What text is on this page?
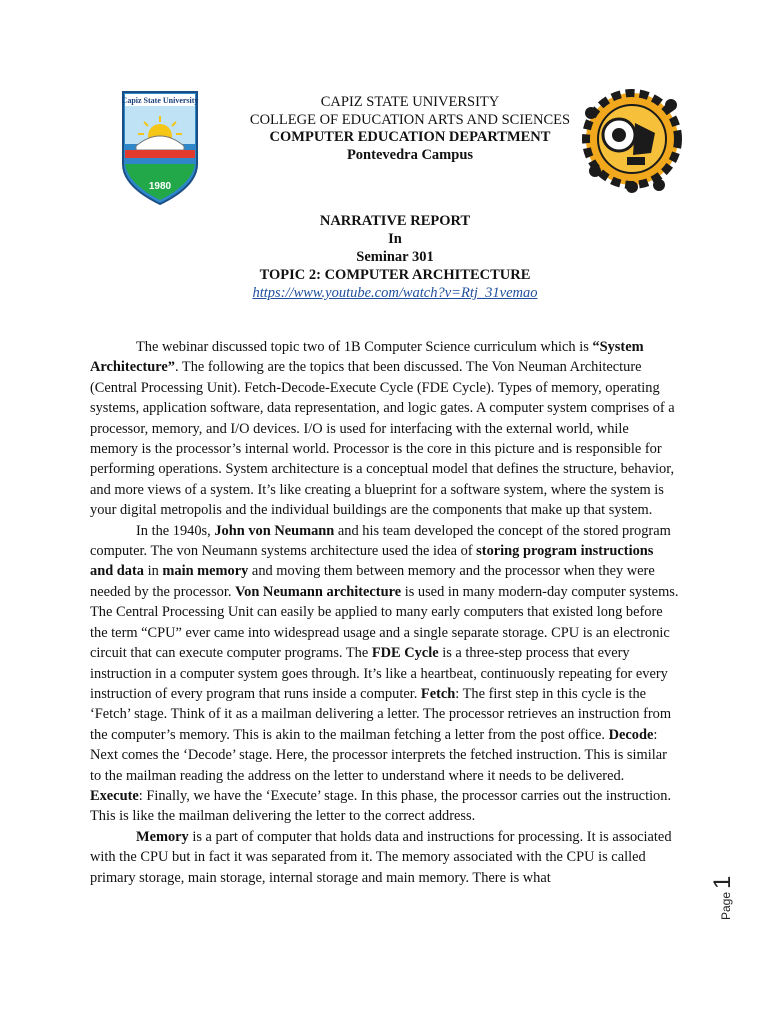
Capiz State University
1980
CAPIZ STATE UNIVERSITY
COLLEGE OF EDUCATION ARTS AND SCIENCES
COMPUTER EDUCATION DEPARTMENT
Pontevedra Campus
NARRATIVE REPORT
In
Seminar 301
TOPIC 2: COMPUTER ARCHITECTURE
https://www.youtube.com/watch?v=Rtj_31vemao

The webinar discussed topic two of 1B Computer Science curriculum which is “System Architecture”. The following are the topics that been discussed. The Von Neuman Architecture (Central Processing Unit). Fetch-Decode-Execute Cycle (FDE Cycle). Types of memory, operating systems, application software, data representation, and logic gates. A computer system comprises of a processor, memory, and I/O devices. I/O is used for interfacing with the external world, while memory is the processor’s internal world. Processor is the core in this picture and is responsible for performing operations. System architecture is a conceptual model that defines the structure, behavior, and more views of a system. It’s like creating a blueprint for a software system, where the system is your digital metropolis and the individual buildings are the components that make up that system.

In the 1940s, John von Neumann and his team developed the concept of the stored program computer. The von Neumann systems architecture used the idea of storing program instructions and data in main memory and moving them between memory and the processor when they were needed by the processor. Von Neumann architecture is used in many modern-day computer systems. The Central Processing Unit can easily be applied to many early computers that existed long before the term “CPU” ever came into widespread usage and a single separate storage. CPU is an electronic circuit that can execute computer programs. The FDE Cycle is a three-step process that every instruction in a computer system goes through. It’s like a heartbeat, continuously repeating for every instruction of every program that runs inside a computer. Fetch: The first step in this cycle is the ‘Fetch’ stage. Think of it as a mailman delivering a letter. The processor retrieves an instruction from the computer’s memory. This is akin to the mailman fetching a letter from the post office. Decode: Next comes the ‘Decode’ stage. Here, the processor interprets the fetched instruction. This is similar to the mailman reading the address on the letter to understand where it needs to be delivered. Execute: Finally, we have the ‘Execute’ stage. In this phase, the processor carries out the instruction. This is like the mailman delivering the letter to the correct address.

Memory is a part of computer that holds data and instructions for processing. It is associated with the CPU but in fact it was separated from it. The memory associated with the CPU is called primary storage, main storage, internal storage and main memory. There is what

Page1
